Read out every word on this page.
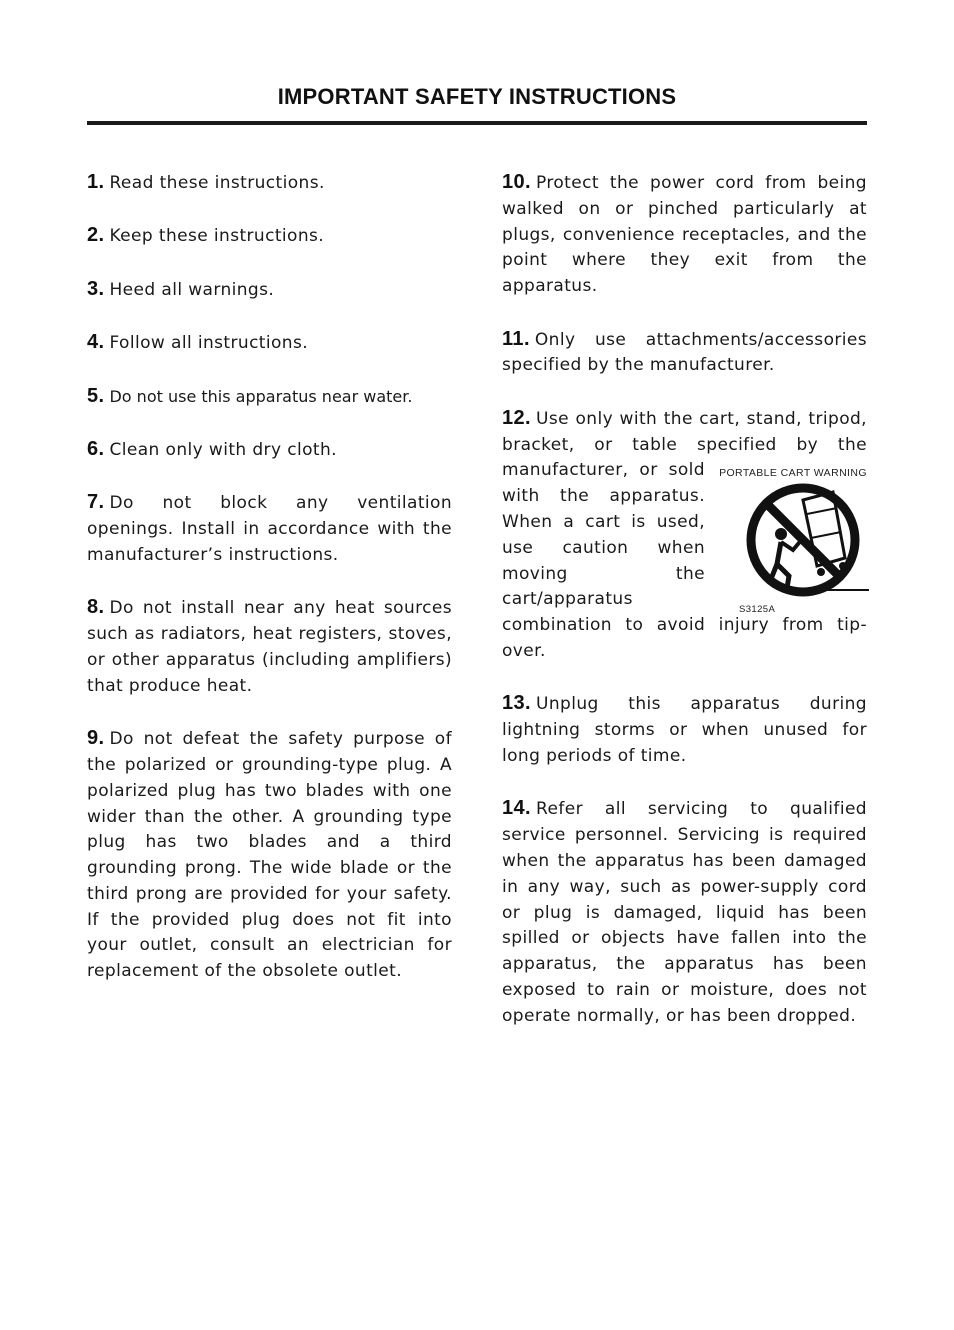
IMPORTANT SAFETY INSTRUCTIONS

1. Read these instructions.

2. Keep these instructions.

3. Heed all warnings.

4. Follow all instructions.

5. Do not use this apparatus near water.

6. Clean only with dry cloth.

7. Do not block any ventilation openings. Install in accordance with the manufacturer’s instructions.

8. Do not install near any heat sources such as radiators, heat registers, stoves, or other apparatus (including amplifiers) that produce heat.

9. Do not defeat the safety purpose of the polarized or grounding-type plug. A polarized plug has two blades with one wider than the other. A grounding type plug has two blades and a third grounding prong. The wide blade or the third prong are provided for your safety. If the provided plug does not fit into your outlet, consult an electrician for replacement of the obsolete outlet.

10. Protect the power cord from being walked on or pinched particularly at plugs, convenience receptacles, and the point where they exit from the apparatus.

11. Only use attachments/accessories specified by the manufacturer.

12. Use only with the cart, stand, tripod, bracket, or table specified by the
PORTABLE CART WARNING
S3125A
manufacturer, or sold with the apparatus. When a cart is used, use caution when moving the cart/apparatus combination to avoid injury from tip-over.

13. Unplug this apparatus during lightning storms or when unused for long periods of time.

14. Refer all servicing to qualified service personnel. Servicing is required when the apparatus has been damaged in any way, such as power-supply cord or plug is damaged, liquid has been spilled or objects have fallen into the apparatus, the apparatus has been exposed to rain or moisture, does not operate normally, or has been dropped.
